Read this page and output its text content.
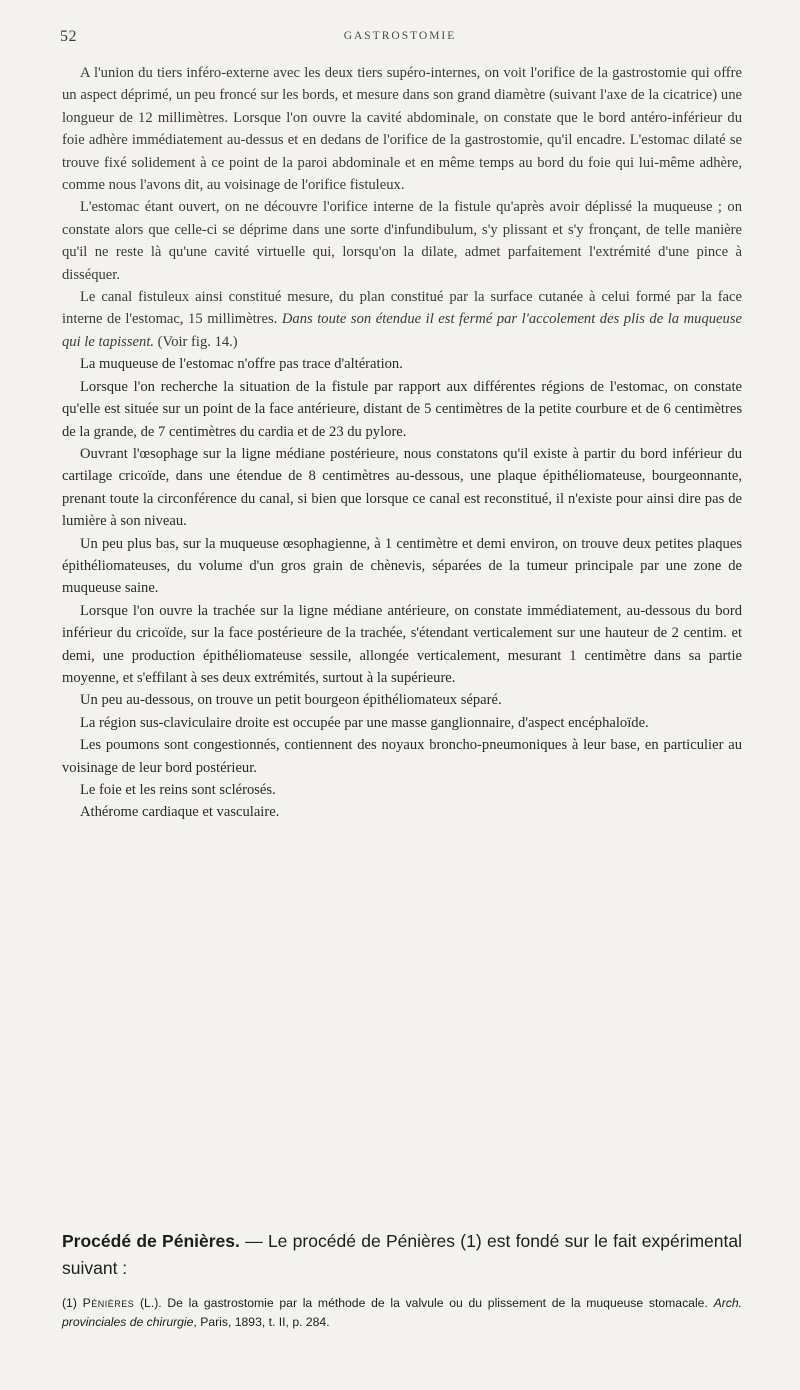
52	GASTROSTOMIE

A l'union du tiers inféro-externe avec les deux tiers supéro-internes, on voit l'orifice de la gastrostomie qui offre un aspect déprimé, un peu froncé sur les bords, et mesure dans son grand diamètre (suivant l'axe de la cicatrice) une longueur de 12 millimètres. Lorsque l'on ouvre la cavité abdominale, on constate que le bord antéro-inférieur du foie adhère immédiatement au-dessus et en dedans de l'orifice de la gastrostomie, qu'il encadre. L'estomac dilaté se trouve fixé solidement à ce point de la paroi abdominale et en même temps au bord du foie qui lui-même adhère, comme nous l'avons dit, au voisinage de l'orifice fistuleux.

L'estomac étant ouvert, on ne découvre l'orifice interne de la fistule qu'après avoir déplissé la muqueuse ; on constate alors que celle-ci se déprime dans une sorte d'infundibulum, s'y plissant et s'y fronçant, de telle manière qu'il ne reste là qu'une cavité virtuelle qui, lorsqu'on la dilate, admet parfaitement l'extrémité d'une pince à disséquer.

Le canal fistuleux ainsi constitué mesure, du plan constitué par la surface cutanée à celui formé par la face interne de l'estomac, 15 millimètres. Dans toute son étendue il est fermé par l'accolement des plis de la muqueuse qui le tapissent. (Voir fig. 14.)

La muqueuse de l'estomac n'offre pas trace d'altération.

Lorsque l'on recherche la situation de la fistule par rapport aux différentes régions de l'estomac, on constate qu'elle est située sur un point de la face antérieure, distant de 5 centimètres de la petite courbure et de 6 centimètres de la grande, de 7 centimètres du cardia et de 23 du pylore.

Ouvrant l'œsophage sur la ligne médiane postérieure, nous constatons qu'il existe à partir du bord inférieur du cartilage cricoïde, dans une étendue de 8 centimètres au-dessous, une plaque épithéliomateuse, bourgeonnante, prenant toute la circonférence du canal, si bien que lorsque ce canal est reconstitué, il n'existe pour ainsi dire pas de lumière à son niveau.

Un peu plus bas, sur la muqueuse œsophagienne, à 1 centimètre et demi environ, on trouve deux petites plaques épithéliomateuses, du volume d'un gros grain de chènevis, séparées de la tumeur principale par une zone de muqueuse saine.

Lorsque l'on ouvre la trachée sur la ligne médiane antérieure, on constate immédiatement, au-dessous du bord inférieur du cricoïde, sur la face postérieure de la trachée, s'étendant verticalement sur une hauteur de 2 centim. et demi, une production épithéliomateuse sessile, allongée verticalement, mesurant 1 centimètre dans sa partie moyenne, et s'effilant à ses deux extrémités, surtout à la supérieure.

Un peu au-dessous, on trouve un petit bourgeon épithéliomateux séparé.

La région sus-claviculaire droite est occupée par une masse ganglionnaire, d'aspect encéphaloïde.

Les poumons sont congestionnés, contiennent des noyaux broncho-pneumoniques à leur base, en particulier au voisinage de leur bord postérieur.

Le foie et les reins sont sclérosés.

Athérome cardiaque et vasculaire.

Procédé de Pénières. — Le procédé de Pénières (1) est fondé sur le fait expérimental suivant :
(1) Pénières (L.). De la gastrostomie par la méthode de la valvule ou du plissement de la muqueuse stomacale. Arch. provinciales de chirurgie, Paris, 1893, t. II, p. 284.
